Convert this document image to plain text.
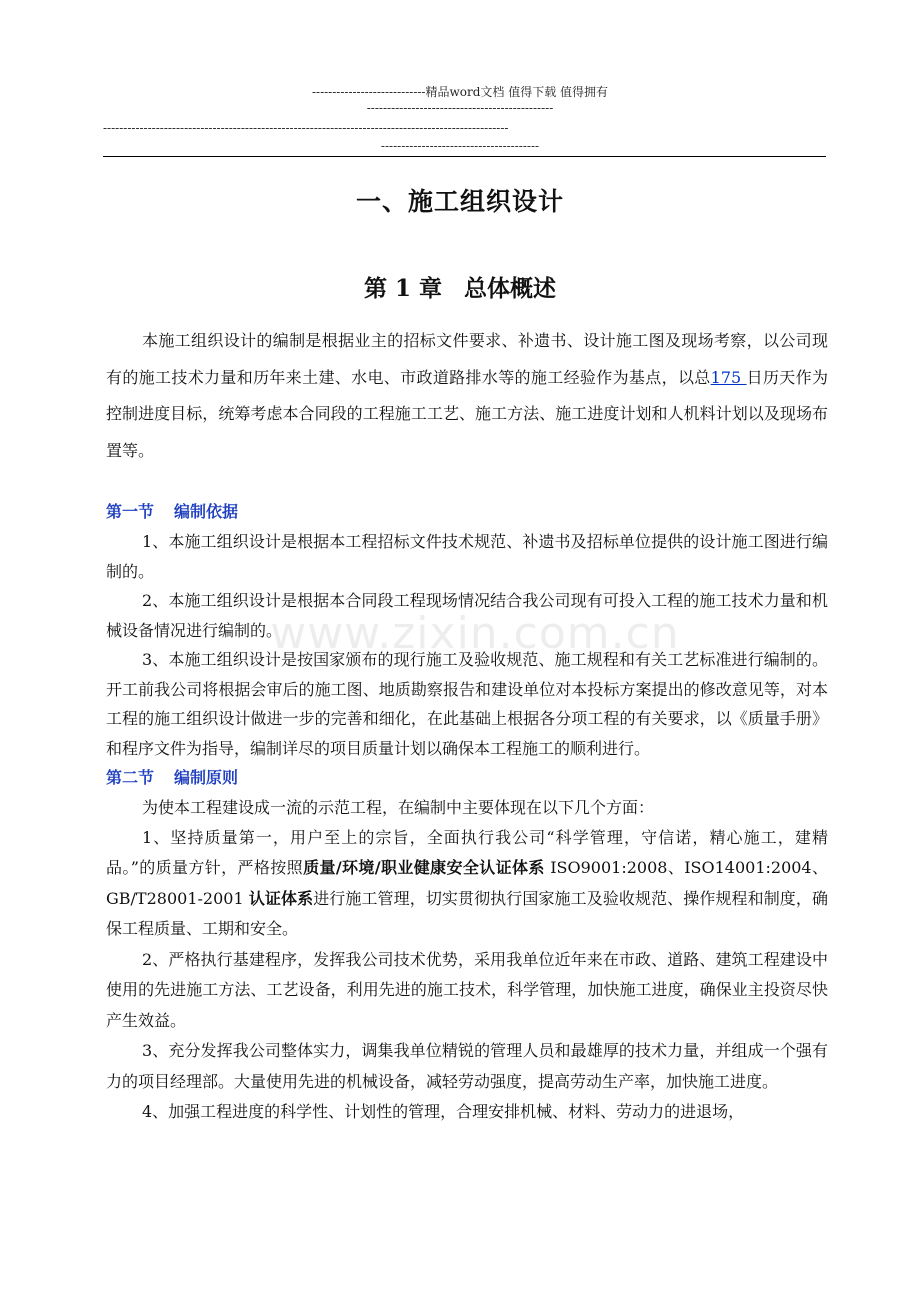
----------------------------精品word文档 值得下载 值得拥有
----------------------------------------------
----------------------------------------------------------------------------------------------------
---------------------------------------
www.zixin.com.cn
一、施工组织设计
第 1 章 总体概述

本施工组织设计的编制是根据业主的招标文件要求、补遗书、设计施工图及现场考察，以公司现有的施工技术力量和历年来土建、水电、市政道路排水等的施工经验作为基点，以总175 日历天作为控制进度目标，统筹考虑本合同段的工程施工工艺、施工方法、施工进度计划和人机料计划以及现场布置等。

第一节 编制依据

1、本施工组织设计是根据本工程招标文件技术规范、补遗书及招标单位提供的设计施工图进行编制的。

2、本施工组织设计是根据本合同段工程现场情况结合我公司现有可投入工程的施工技术力量和机械设备情况进行编制的。

3、本施工组织设计是按国家颁布的现行施工及验收规范、施工规程和有关工艺标准进行编制的。开工前我公司将根据会审后的施工图、地质勘察报告和建设单位对本投标方案提出的修改意见等，对本工程的施工组织设计做进一步的完善和细化，在此基础上根据各分项工程的有关要求，以《质量手册》和程序文件为指导，编制详尽的项目质量计划以确保本工程施工的顺利进行。

第二节 编制原则

为使本工程建设成一流的示范工程，在编制中主要体现在以下几个方面：

1、坚持质量第一，用户至上的宗旨，全面执行我公司“科学管理，守信诺，精心施工，建精品。”的质量方针，严格按照质量/环境/职业健康安全认证体系 ISO9001:2008、ISO14001:2004、GB/T28001-2001 认证体系进行施工管理，切实贯彻执行国家施工及验收规范、操作规程和制度，确保工程质量、工期和安全。

2、严格执行基建程序，发挥我公司技术优势，采用我单位近年来在市政、道路、建筑工程建设中使用的先进施工方法、工艺设备，利用先进的施工技术，科学管理，加快施工进度，确保业主投资尽快产生效益。

3、充分发挥我公司整体实力，调集我单位精锐的管理人员和最雄厚的技术力量，并组成一个强有力的项目经理部。大量使用先进的机械设备，减轻劳动强度，提高劳动生产率，加快施工进度。

4、加强工程进度的科学性、计划性的管理，合理安排机械、材料、劳动力的进退场，
